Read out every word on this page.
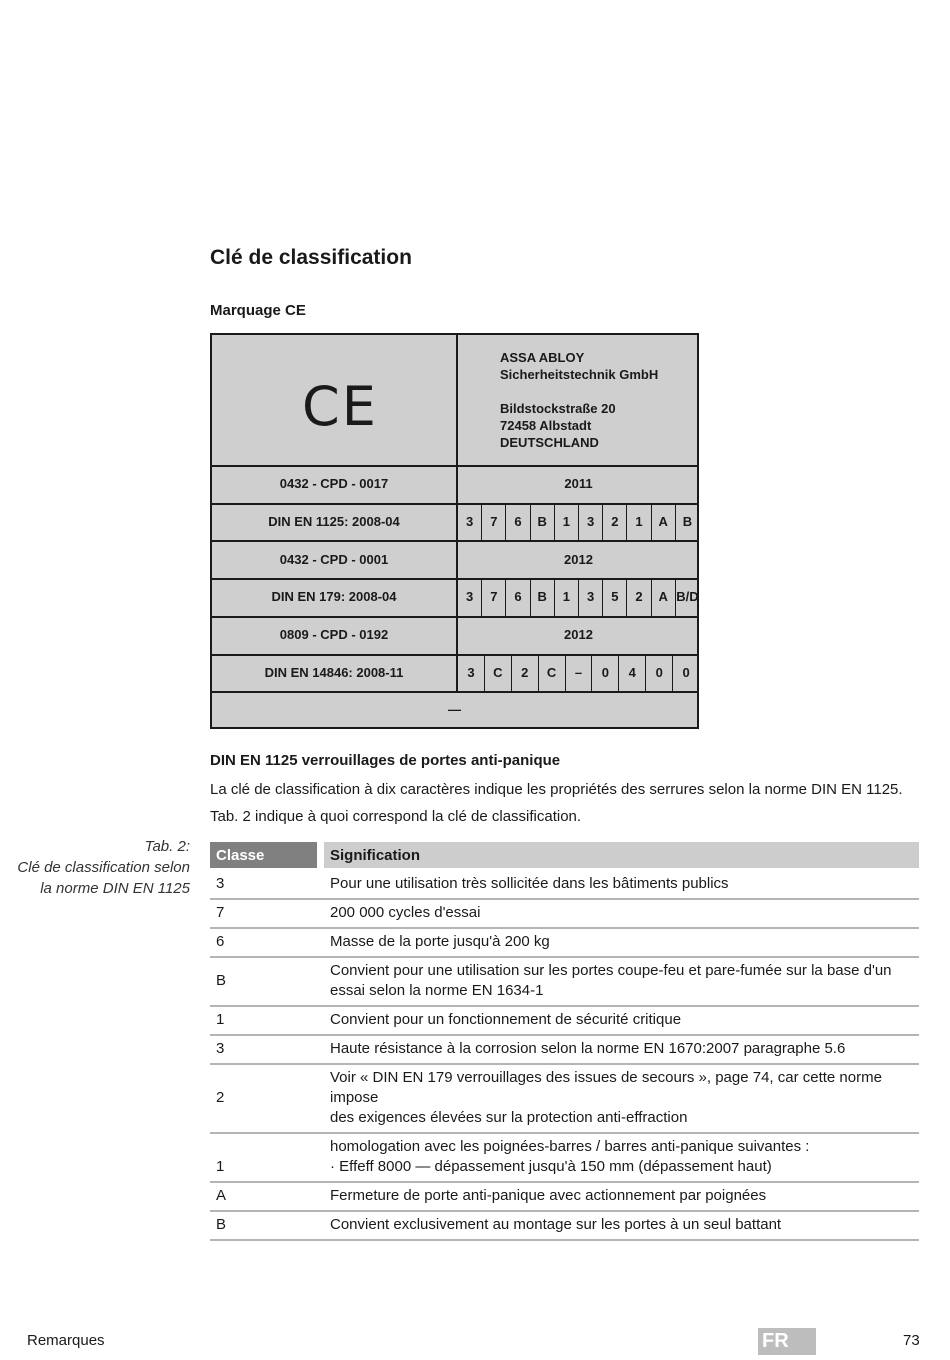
Clé de classification
Marquage CE
CE
ASSA ABLOY
Sicherheitstechnik GmbH
Bildstockstraße 20
72458 Albstadt
DEUTSCHLAND
0432 - CPD - 0017	2011
DIN EN 1125: 2008-04	3	7	6	B	1	3	2	1	A	B
0432 - CPD - 0001	2012
DIN EN 179: 2008-04	3	7	6	B	1	3	5	2	A B/D
0809 - CPD - 0192	2012
DIN EN 14846: 2008-11	3	C	2	C	–	0	4	0	0
—
DIN EN 1125 verrouillages de portes anti-panique
La clé de classification à dix caractères indique les propriétés des serrures selon la norme DIN EN 1125.
Tab. 2 indique à quoi correspond la clé de classification.
Tab. 2:
Clé de classification selon
la norme DIN EN 1125
Classe		Signification
3		Pour une utilisation très sollicitée dans les bâtiments publics

7		200 000 cycles d'essai

6		Masse de la porte jusqu'à 200 kg

B		Convient pour une utilisation sur les portes coupe-feu et pare-fumée sur la base d'un
essai selon la norme EN 1634-1

1		Convient pour un fonctionnement de sécurité critique

3		Haute résistance à la corrosion selon la norme EN 1670:2007 paragraphe 5.6

2		Voir « DIN EN 179 verrouillages des issues de secours », page 74, car cette norme impose
des exigences élevées sur la protection anti-effraction

1		homologation avec les poignées-barres / barres anti-panique suivantes :
· Effeff 8000 — dépassement jusqu'à 150 mm (dépassement haut)

A		Fermeture de porte anti-panique avec actionnement par poignées

B		Convient exclusivement au montage sur les portes à un seul battant
Remarques	FR	73
